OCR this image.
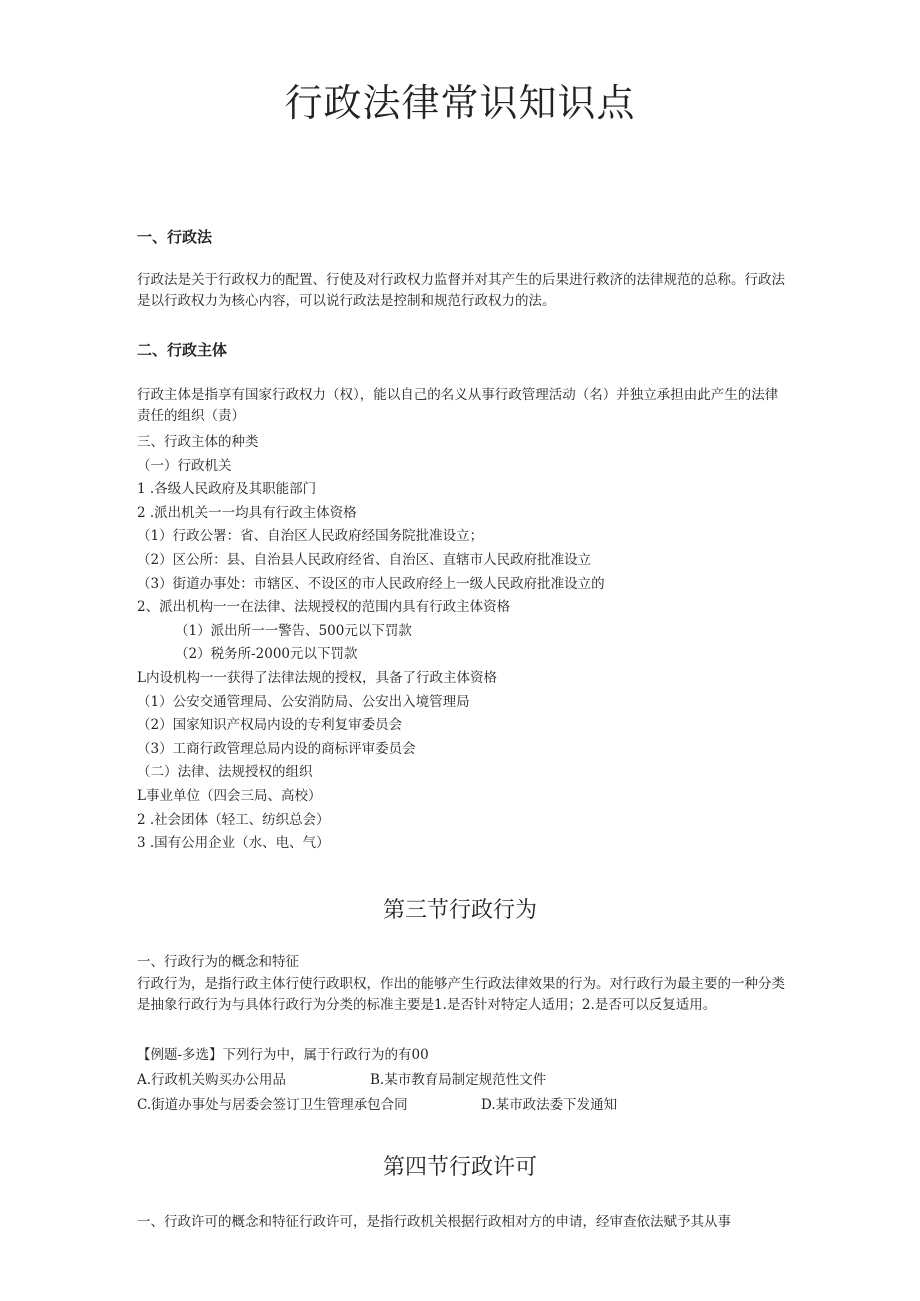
行政法律常识知识点
一、行政法

行政法是关于行政权力的配置、行使及对行政权力监督并对其产生的后果进行救济的法律规范的总称。行政法是以行政权力为核心内容，可以说行政法是控制和规范行政权力的法。

二、行政主体

行政主体是指享有国家行政权力（权），能以自己的名义从事行政管理活动（名）并独立承担由此产生的法律责任的组织（责）

三、行政主体的种类
（一）行政机关
1 .各级人民政府及其职能部门
2 .派出机关一一均具有行政主体资格
（1）行政公署：省、自治区人民政府经国务院批准设立；
（2）区公所：县、自治县人民政府经省、自治区、直辖市人民政府批准设立
（3）街道办事处：市辖区、不设区的市人民政府经上一级人民政府批准设立的
2、派出机构一一在法律、法规授权的范围内具有行政主体资格
（1）派出所一一警告、500元以下罚款
（2）税务所-2000元以下罚款
L内设机构一一获得了法律法规的授权，具备了行政主体资格
（1）公安交通管理局、公安消防局、公安出入境管理局
（2）国家知识产权局内设的专利复审委员会
（3）工商行政管理总局内设的商标评审委员会
（二）法律、法规授权的组织
L事业单位（四会三局、高校）
2 .社会团体（轻工、纺织总会）
3 .国有公用企业（水、电、气）
第三节行政行为

一、行政行为的概念和特征

行政行为，是指行政主体行使行政职权，作出的能够产生行政法律效果的行为。对行政行为最主要的一种分类是抽象行政行为与具体行政行为分类的标准主要是1.是否针对特定人适用；2.是否可以反复适用。

【例题-多选】下列行为中，属于行政行为的有00

A.行政机关购买办公用品	B.某市教育局制定规范性文件
C.街道办事处与居委会签订卫生管理承包合同	D.某市政法委下发通知
第四节行政许可

一、行政许可的概念和特征行政许可，是指行政机关根据行政相对方的申请，经审查依法赋予其从事
